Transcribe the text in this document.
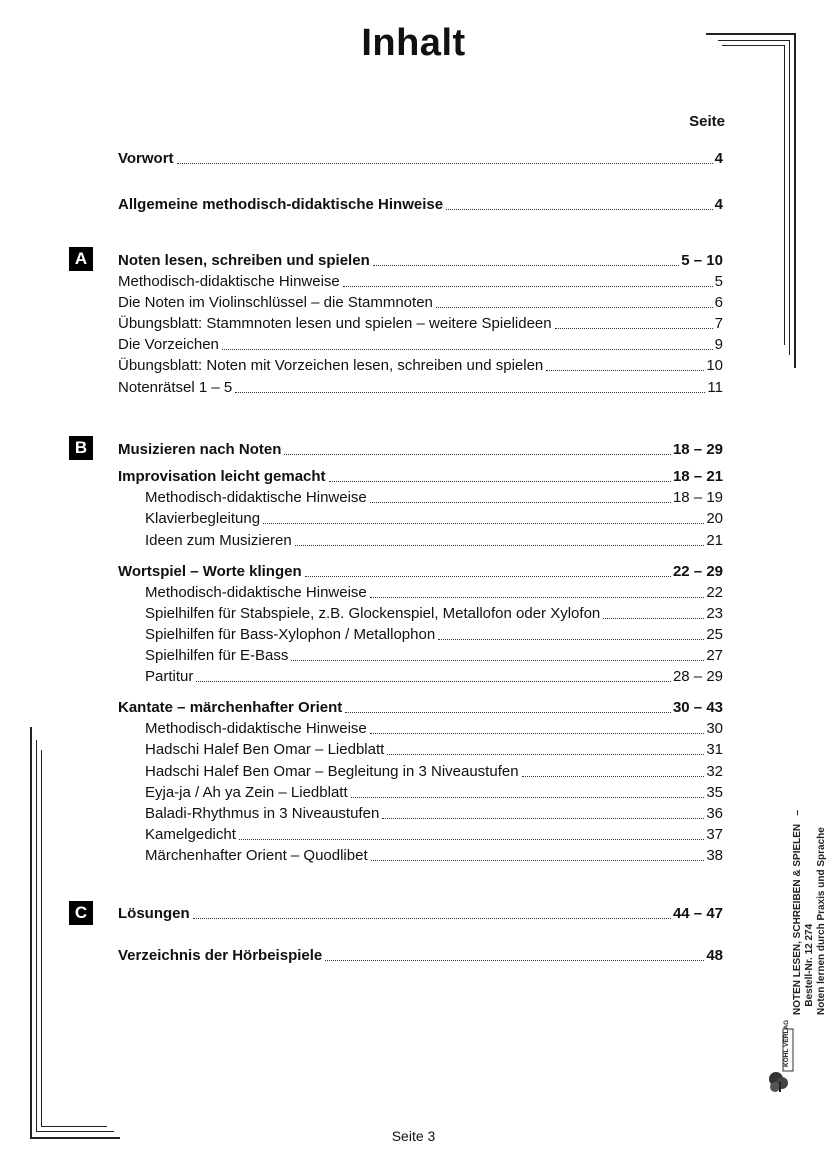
Inhalt
Seite
A
B
C
Vorwort	4
Allgemeine methodisch-didaktische Hinweise	4
Noten lesen, schreiben und spielen	5 – 10
Methodisch-didaktische Hinweise	5
Die Noten im Violinschlüssel – die Stammnoten	6
Übungsblatt: Stammnoten lesen und spielen – weitere Spielideen	7
Die Vorzeichen	9
Übungsblatt: Noten mit Vorzeichen lesen, schreiben und spielen	10
Notenrätsel 1 – 5	11
Musizieren nach Noten	18 – 29
Improvisation leicht gemacht	18 – 21
Methodisch-didaktische Hinweise	18 – 19
Klavierbegleitung	20
Ideen zum Musizieren	21
Wortspiel – Worte klingen	22 – 29
Methodisch-didaktische Hinweise	22
Spielhilfen für Stabspiele, z.B. Glockenspiel, Metallofon oder Xylofon	23
Spielhilfen für Bass-Xylophon / Metallophon	25
Spielhilfen für E-Bass	27
Partitur	28 – 29
Kantate – märchenhafter Orient	30 – 43
Methodisch-didaktische Hinweise	30
Hadschi Halef Ben Omar – Liedblatt	31
Hadschi Halef Ben Omar – Begleitung in 3 Niveaustufen	32
Eyja-ja / Ah ya Zein – Liedblatt	35
Baladi-Rhythmus in 3 Niveaustufen	36
Kamelgedicht	37
Märchenhafter Orient – Quodlibet	38
Lösungen	44 – 47
Verzeichnis der Hörbeispiele	48
Seite 3
NOTEN LESEN, SCHREIBEN & SPIELEN   –   Bestell-Nr. 12 274 Noten lernen durch Praxis und Sprache
KOHL VERLAG
